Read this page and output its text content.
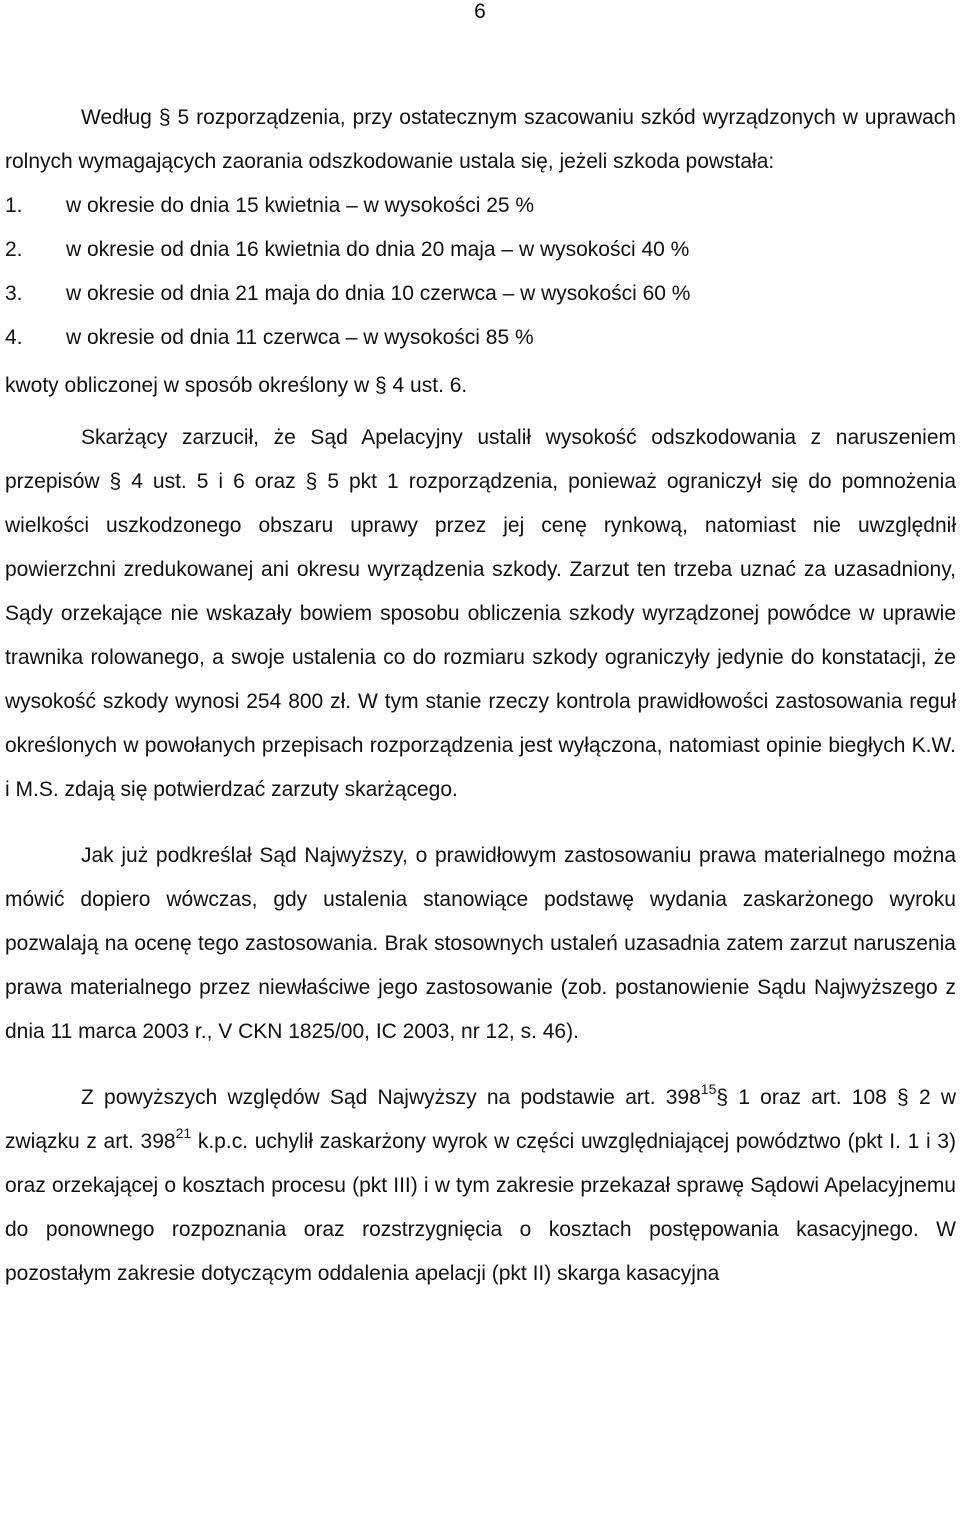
6

Według § 5 rozporządzenia, przy ostatecznym szacowaniu szkód wyrządzonych w uprawach rolnych wymagających zaorania odszkodowanie ustala się, jeżeli szkoda powstała:

1. w okresie do dnia 15 kwietnia – w wysokości 25 %
2. w okresie od dnia 16 kwietnia do dnia 20 maja – w wysokości 40 %
3. w okresie od dnia 21 maja do dnia 10 czerwca – w wysokości 60 %
4. w okresie od dnia 11 czerwca – w wysokości 85 %

kwoty obliczonej w sposób określony w § 4 ust. 6.

Skarżący zarzucił, że Sąd Apelacyjny ustalił wysokość odszkodowania z naruszeniem przepisów § 4 ust. 5 i 6 oraz § 5 pkt 1 rozporządzenia, ponieważ ograniczył się do pomnożenia wielkości uszkodzonego obszaru uprawy przez jej cenę rynkową, natomiast nie uwzględnił powierzchni zredukowanej ani okresu wyrządzenia szkody. Zarzut ten trzeba uznać za uzasadniony, Sądy orzekające nie wskazały bowiem sposobu obliczenia szkody wyrządzonej powódce w uprawie trawnika rolowanego, a swoje ustalenia co do rozmiaru szkody ograniczyły jedynie do konstatacji, że wysokość szkody wynosi 254 800 zł. W tym stanie rzeczy kontrola prawidłowości zastosowania reguł określonych w powołanych przepisach rozporządzenia jest wyłączona, natomiast opinie biegłych K.W. i M.S. zdają się potwierdzać zarzuty skarżącego.

Jak już podkreślał Sąd Najwyższy, o prawidłowym zastosowaniu prawa materialnego można mówić dopiero wówczas, gdy ustalenia stanowiące podstawę wydania zaskarżonego wyroku pozwalają na ocenę tego zastosowania. Brak stosownych ustaleń uzasadnia zatem zarzut naruszenia prawa materialnego przez niewłaściwe jego zastosowanie (zob. postanowienie Sądu Najwyższego z dnia 11 marca 2003 r., V CKN 1825/00, IC 2003, nr 12, s. 46).

Z powyższych względów Sąd Najwyższy na podstawie art. $398^{15}\S$ 1 oraz art. 108 § 2 w związku z art. $398^{21}$ k.p.c. uchylił zaskarżony wyrok w części uwzględniającej powództwo (pkt I. 1 i 3) oraz orzekającej o kosztach procesu (pkt III) i w tym zakresie przekazał sprawę Sądowi Apelacyjnemu do ponownego rozpoznania oraz rozstrzygnięcia o kosztach postępowania kasacyjnego. W pozostałym zakresie dotyczącym oddalenia apelacji (pkt II) skarga kasacyjna
